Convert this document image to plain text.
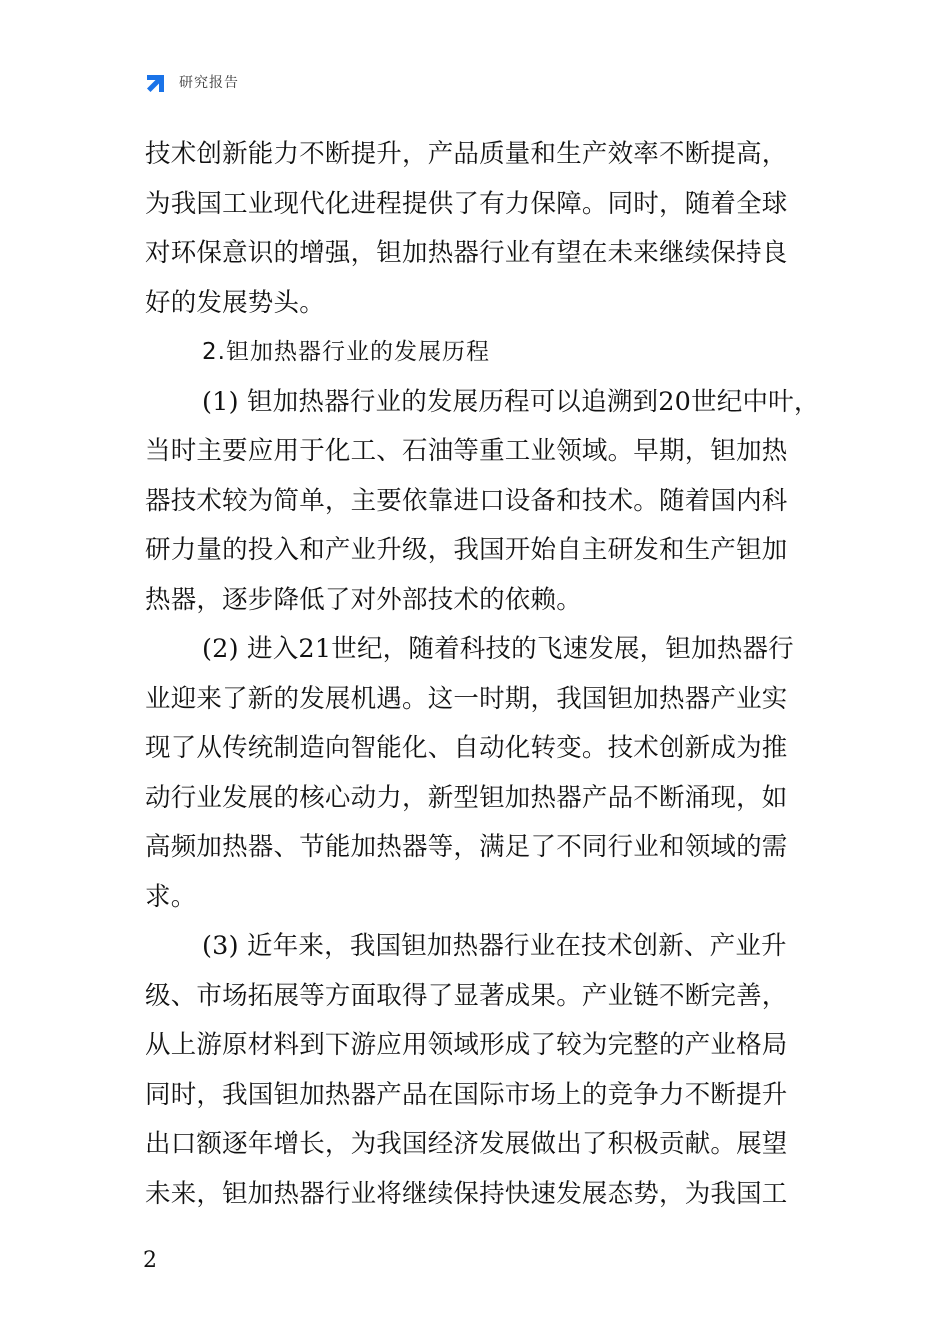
研究报告
技术创新能力不断提升，产品质量和生产效率不断提高，
为我国工业现代化进程提供了有力保障。同时，随着全球
对环保意识的增强，钽加热器行业有望在未来继续保持良
好的发展势头。
2.钽加热器行业的发展历程
(1) 钽加热器行业的发展历程可以追溯到20世纪中叶，
当时主要应用于化工、石油等重工业领域。早期，钽加热
器技术较为简单，主要依靠进口设备和技术。随着国内科
研力量的投入和产业升级，我国开始自主研发和生产钽加
热器，逐步降低了对外部技术的依赖。
(2) 进入21世纪，随着科技的飞速发展，钽加热器行
业迎来了新的发展机遇。这一时期，我国钽加热器产业实
现了从传统制造向智能化、自动化转变。技术创新成为推
动行业发展的核心动力，新型钽加热器产品不断涌现，如
高频加热器、节能加热器等，满足了不同行业和领域的需
求。
(3) 近年来，我国钽加热器行业在技术创新、产业升
级、市场拓展等方面取得了显著成果。产业链不断完善，
从上游原材料到下游应用领域形成了较为完整的产业格局
同时，我国钽加热器产品在国际市场上的竞争力不断提升
出口额逐年增长，为我国经济发展做出了积极贡献。展望
未来，钽加热器行业将继续保持快速发展态势，为我国工
2
